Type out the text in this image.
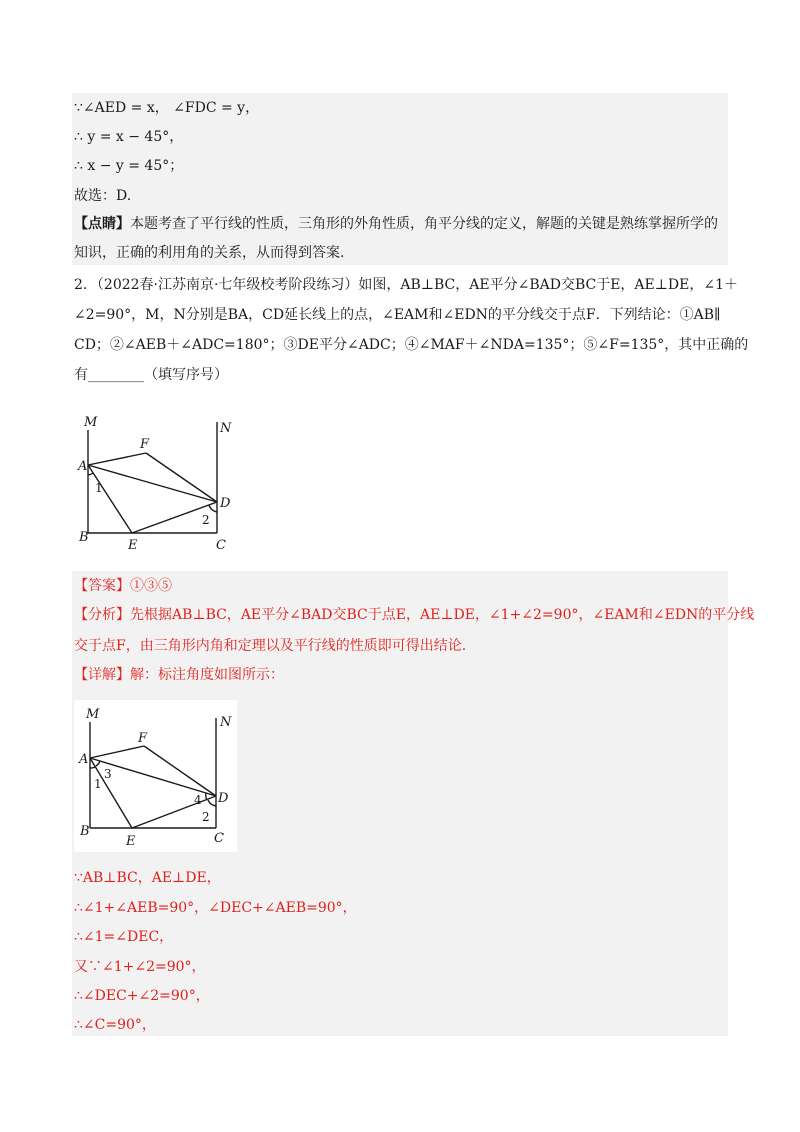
∵∠AED = x， ∠FDC = y，
∴ y = x − 45°，
∴ x − y = 45°；
故选：D.
【点睛】本题考查了平行线的性质，三角形的外角性质，角平分线的定义，解题的关键是熟练掌握所学的
知识，正确的利用角的关系，从而得到答案.
2．（2022春·江苏南京·七年级校考阶段练习）如图，AB⊥BC，AE平分∠BAD交BC于E，AE⊥DE，∠1＋
∠2=90°，M，N分别是BA，CD延长线上的点，∠EAM和∠EDN的平分线交于点F．下列结论：①AB∥
CD；②∠AEB＋∠ADC=180°；③DE平分∠ADC；④∠MAF＋∠NDA=135°；⑤∠F=135°，其中正确的
有________（填写序号）
M	N
F
A
D
B
E	C
1
2
【答案】①③⑤
【分析】先根据AB⊥BC，AE平分∠BAD交BC于点E，AE⊥DE，∠1+∠2=90°，∠EAM和∠EDN的平分线
交于点F，由三角形内角和定理以及平行线的性质即可得出结论.
【详解】解：标注角度如图所示：
M
N
F
A
D
B
E	C
1
3
4
2
∵AB⊥BC，AE⊥DE，
∴∠1+∠AEB=90°，∠DEC+∠AEB=90°，
∴∠1=∠DEC，
又∵∠1+∠2=90°，
∴∠DEC+∠2=90°，
∴∠C=90°，
